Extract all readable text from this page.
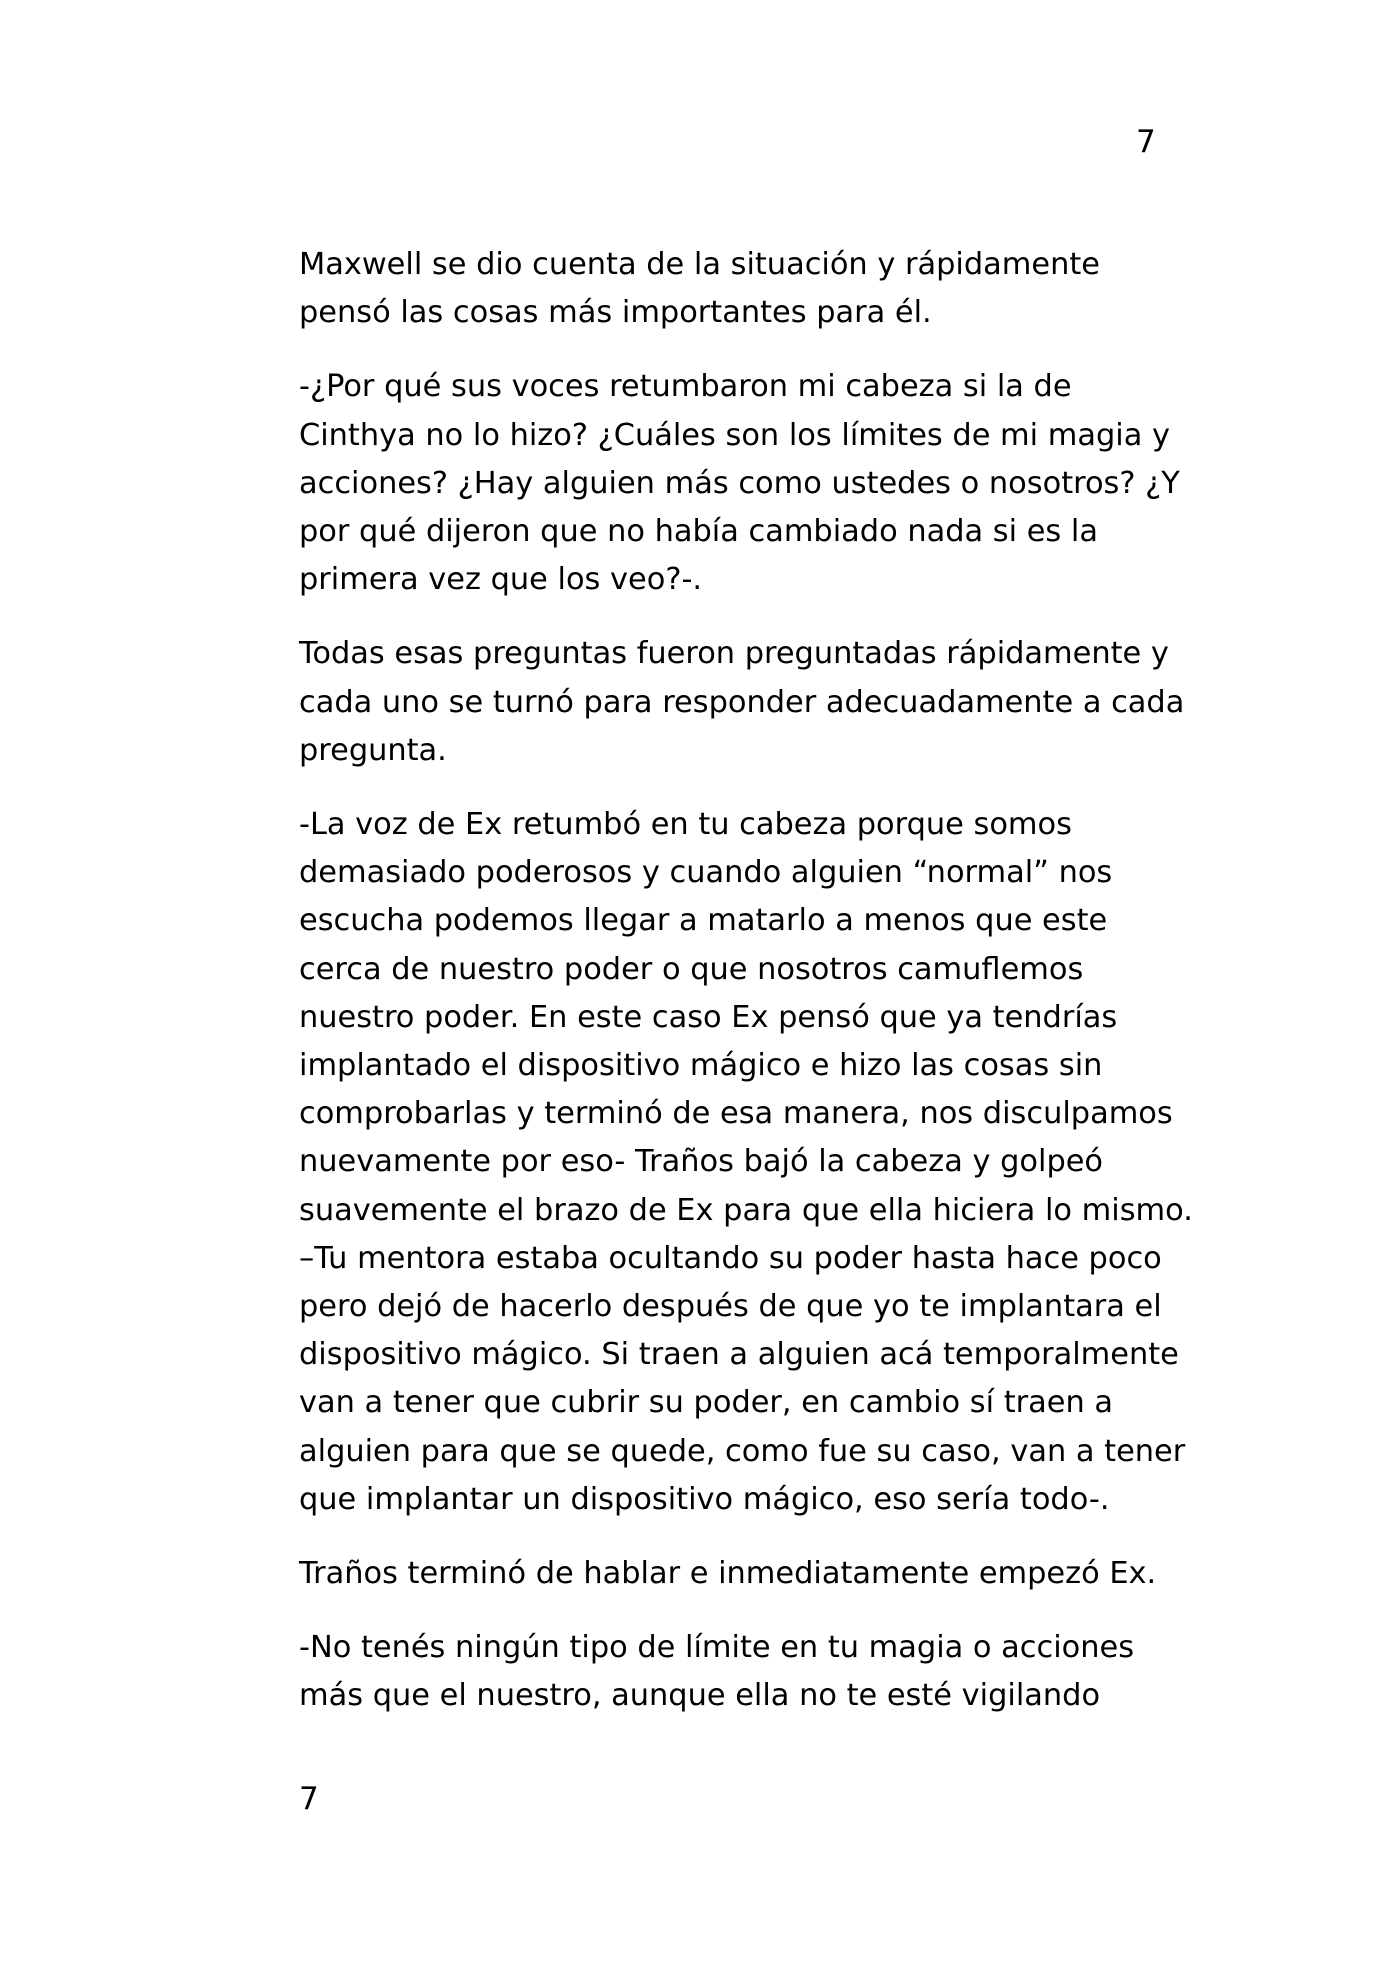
7

Maxwell se dio cuenta de la situación y rápidamente
pensó las cosas más importantes para él.

-¿Por qué sus voces retumbaron mi cabeza si la de
Cinthya no lo hizo? ¿Cuáles son los límites de mi magia y
acciones? ¿Hay alguien más como ustedes o nosotros? ¿Y
por qué dijeron que no había cambiado nada si es la
primera vez que los veo?-.

Todas esas preguntas fueron preguntadas rápidamente y
cada uno se turnó para responder adecuadamente a cada
pregunta.

-La voz de Ex retumbó en tu cabeza porque somos
demasiado poderosos y cuando alguien “normal” nos
escucha podemos llegar a matarlo a menos que este
cerca de nuestro poder o que nosotros camuflemos
nuestro poder. En este caso Ex pensó que ya tendrías
implantado el dispositivo mágico e hizo las cosas sin
comprobarlas y terminó de esa manera, nos disculpamos
nuevamente por eso- Traños bajó la cabeza y golpeó
suavemente el brazo de Ex para que ella hiciera lo mismo.
–Tu mentora estaba ocultando su poder hasta hace poco
pero dejó de hacerlo después de que yo te implantara el
dispositivo mágico. Si traen a alguien acá temporalmente
van a tener que cubrir su poder, en cambio sí traen a
alguien para que se quede, como fue su caso, van a tener
que implantar un dispositivo mágico, eso sería todo-.

Traños terminó de hablar e inmediatamente empezó Ex.

-No tenés ningún tipo de límite en tu magia o acciones
más que el nuestro, aunque ella no te esté vigilando

7
